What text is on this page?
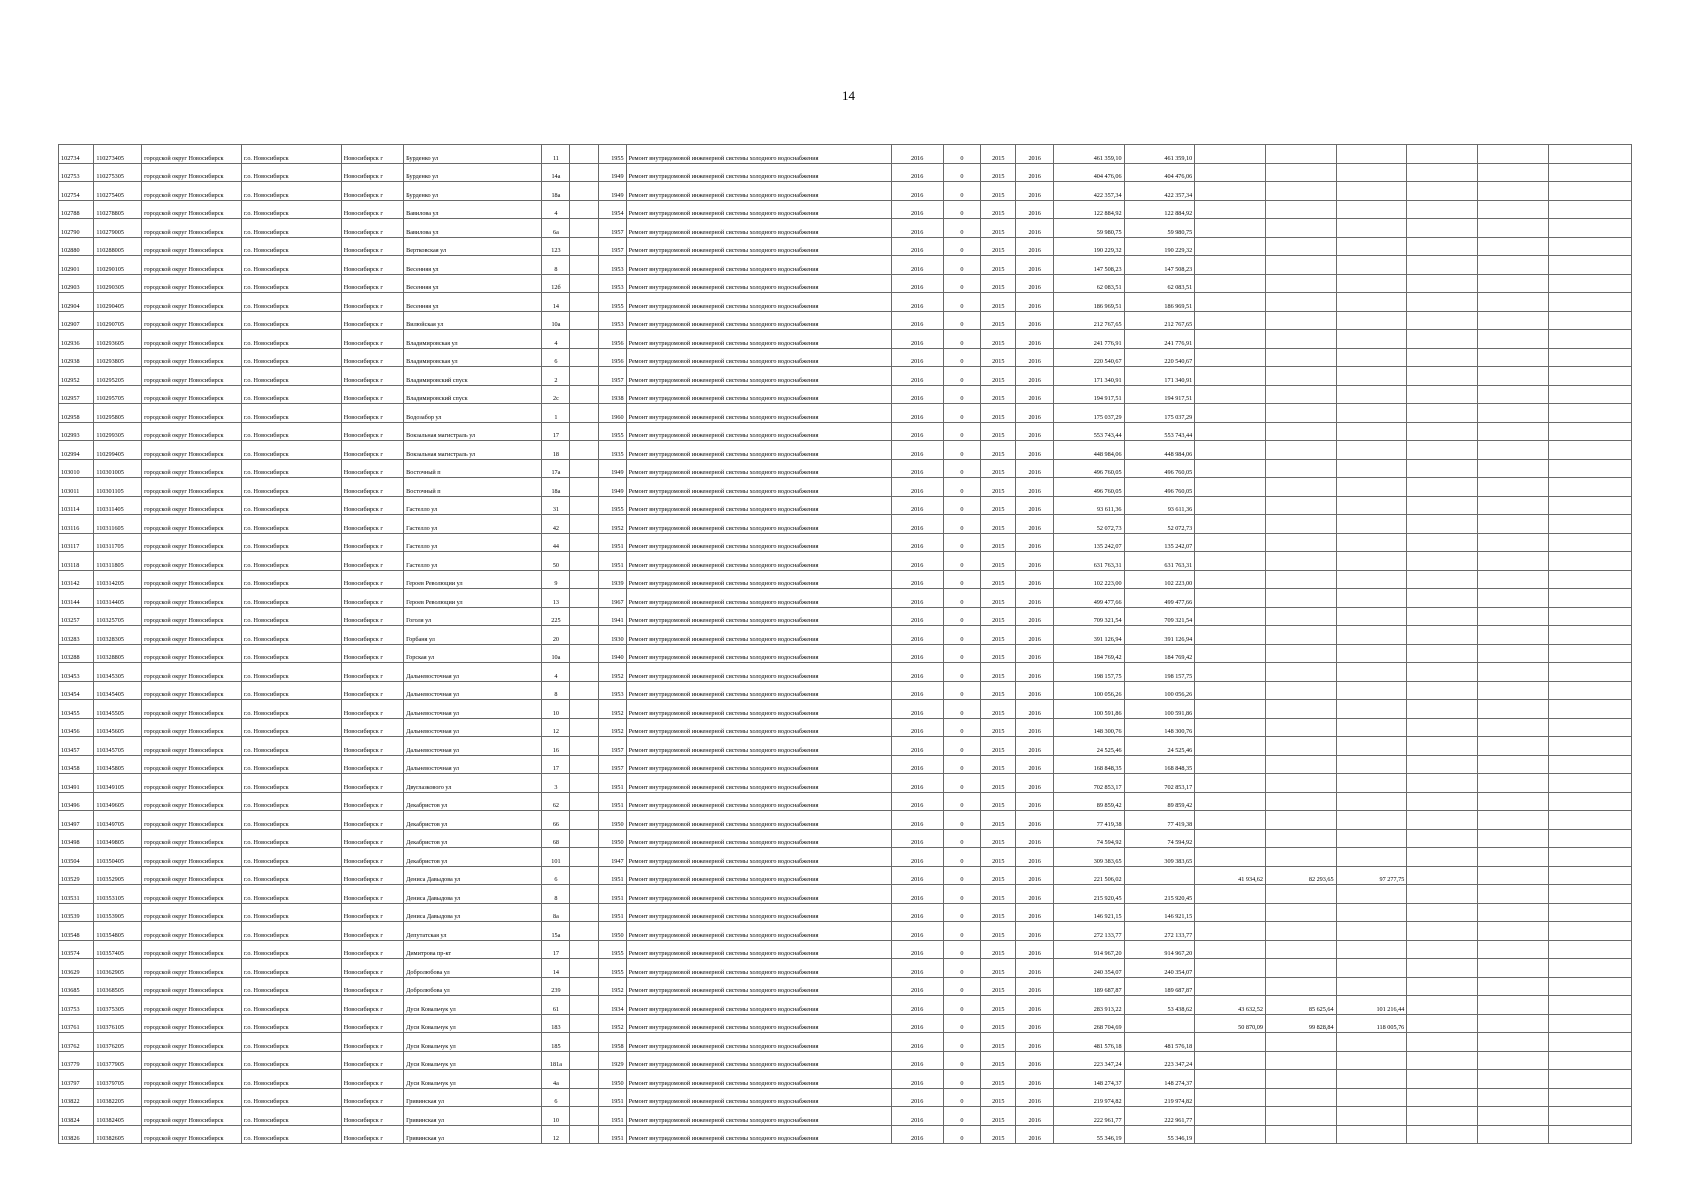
14
102734	110273405	городской округ Новосибирск	г.о. Новосибирск	Новосибирск г	Бурденко ул	11		1955	Ремонт внутридомовой инженерной системы холодного водоснабжения	2016	0	2015	2016	461 359,10	461 359,10						
102753	110275305	городской округ Новосибирск	г.о. Новосибирск	Новосибирск г	Бурденко ул	14а		1949	Ремонт внутридомовой инженерной системы холодного водоснабжения	2016	0	2015	2016	404 476,06	404 476,06						
102754	110275405	городской округ Новосибирск	г.о. Новосибирск	Новосибирск г	Бурденко ул	18а		1949	Ремонт внутридомовой инженерной системы холодного водоснабжения	2016	0	2015	2016	422 357,34	422 357,34						
102788	110278805	городской округ Новосибирск	г.о. Новосибирск	Новосибирск г	Вавилова ул	4		1954	Ремонт внутридомовой инженерной системы холодного водоснабжения	2016	0	2015	2016	122 884,92	122 884,92						
102790	110279005	городской округ Новосибирск	г.о. Новосибирск	Новосибирск г	Вавилова ул	6а		1957	Ремонт внутридомовой инженерной системы холодного водоснабжения	2016	0	2015	2016	59 980,75	59 980,75						
102880	110288005	городской округ Новосибирск	г.о. Новосибирск	Новосибирск г	Вертковская ул	123		1957	Ремонт внутридомовой инженерной системы холодного водоснабжения	2016	0	2015	2016	190 229,32	190 229,32						
102901	110290105	городской округ Новосибирск	г.о. Новосибирск	Новосибирск г	Весенняя ул	8		1953	Ремонт внутридомовой инженерной системы холодного водоснабжения	2016	0	2015	2016	147 508,23	147 508,23						
102903	110290305	городской округ Новосибирск	г.о. Новосибирск	Новосибирск г	Весенняя ул	12б		1953	Ремонт внутридомовой инженерной системы холодного водоснабжения	2016	0	2015	2016	62 083,51	62 083,51						
102904	110290405	городской округ Новосибирск	г.о. Новосибирск	Новосибирск г	Весенняя ул	14		1955	Ремонт внутридомовой инженерной системы холодного водоснабжения	2016	0	2015	2016	186 969,51	186 969,51						
102907	110290705	городской округ Новосибирск	г.о. Новосибирск	Новосибирск г	Вилюйская ул	10а		1953	Ремонт внутридомовой инженерной системы холодного водоснабжения	2016	0	2015	2016	212 767,65	212 767,65						
102936	110293605	городской округ Новосибирск	г.о. Новосибирск	Новосибирск г	Владимировская ул	4		1956	Ремонт внутридомовой инженерной системы холодного водоснабжения	2016	0	2015	2016	241 776,91	241 776,91						
102938	110293805	городской округ Новосибирск	г.о. Новосибирск	Новосибирск г	Владимировская ул	6		1956	Ремонт внутридомовой инженерной системы холодного водоснабжения	2016	0	2015	2016	220 540,67	220 540,67						
102952	110295205	городской округ Новосибирск	г.о. Новосибирск	Новосибирск г	Владимировский спуск	2		1957	Ремонт внутридомовой инженерной системы холодного водоснабжения	2016	0	2015	2016	171 340,91	171 340,91						
102957	110295705	городской округ Новосибирск	г.о. Новосибирск	Новосибирск г	Владимировский спуск	2с		1938	Ремонт внутридомовой инженерной системы холодного водоснабжения	2016	0	2015	2016	194 917,51	194 917,51						
102958	110295805	городской округ Новосибирск	г.о. Новосибирск	Новосибирск г	Водозабор ул	1		1960	Ремонт внутридомовой инженерной системы холодного водоснабжения	2016	0	2015	2016	175 037,29	175 037,29						
102993	110299305	городской округ Новосибирск	г.о. Новосибирск	Новосибирск г	Вокзальная магистраль ул	17		1955	Ремонт внутридомовой инженерной системы холодного водоснабжения	2016	0	2015	2016	553 743,44	553 743,44						
102994	110299405	городской округ Новосибирск	г.о. Новосибирск	Новосибирск г	Вокзальная магистраль ул	18		1935	Ремонт внутридомовой инженерной системы холодного водоснабжения	2016	0	2015	2016	448 984,06	448 984,06						
103010	110301005	городской округ Новосибирск	г.о. Новосибирск	Новосибирск г	Восточный п	17а		1949	Ремонт внутридомовой инженерной системы холодного водоснабжения	2016	0	2015	2016	496 760,05	496 760,05						
103011	110301105	городской округ Новосибирск	г.о. Новосибирск	Новосибирск г	Восточный п	18а		1949	Ремонт внутридомовой инженерной системы холодного водоснабжения	2016	0	2015	2016	496 760,05	496 760,05						
103114	110311405	городской округ Новосибирск	г.о. Новосибирск	Новосибирск г	Гастелло ул	31		1955	Ремонт внутридомовой инженерной системы холодного водоснабжения	2016	0	2015	2016	93 611,36	93 611,36						
103116	110311605	городской округ Новосибирск	г.о. Новосибирск	Новосибирск г	Гастелло ул	42		1952	Ремонт внутридомовой инженерной системы холодного водоснабжения	2016	0	2015	2016	52 072,73	52 072,73						
103117	110311705	городской округ Новосибирск	г.о. Новосибирск	Новосибирск г	Гастелло ул	44		1951	Ремонт внутридомовой инженерной системы холодного водоснабжения	2016	0	2015	2016	135 242,07	135 242,07						
103118	110311805	городской округ Новосибирск	г.о. Новосибирск	Новосибирск г	Гастелло ул	50		1951	Ремонт внутридомовой инженерной системы холодного водоснабжения	2016	0	2015	2016	631 763,31	631 763,31						
103142	110314205	городской округ Новосибирск	г.о. Новосибирск	Новосибирск г	Героев Революции ул	9		1939	Ремонт внутридомовой инженерной системы холодного водоснабжения	2016	0	2015	2016	102 223,00	102 223,00						
103144	110314405	городской округ Новосибирск	г.о. Новосибирск	Новосибирск г	Героев Революции ул	13		1967	Ремонт внутридомовой инженерной системы холодного водоснабжения	2016	0	2015	2016	499 477,66	499 477,66						
103257	110325705	городской округ Новосибирск	г.о. Новосибирск	Новосибирск г	Гоголя ул	225		1941	Ремонт внутридомовой инженерной системы холодного водоснабжения	2016	0	2015	2016	709 321,54	709 321,54						
103283	110328305	городской округ Новосибирск	г.о. Новосибирск	Новосибирск г	Горбаня ул	20		1930	Ремонт внутридомовой инженерной системы холодного водоснабжения	2016	0	2015	2016	391 126,94	391 126,94						
103288	110328805	городской округ Новосибирск	г.о. Новосибирск	Новосибирск г	Горская ул	10а		1940	Ремонт внутридомовой инженерной системы холодного водоснабжения	2016	0	2015	2016	184 769,42	184 769,42						
103453	110345305	городской округ Новосибирск	г.о. Новосибирск	Новосибирск г	Дальневосточная ул	4		1952	Ремонт внутридомовой инженерной системы холодного водоснабжения	2016	0	2015	2016	198 157,75	198 157,75						
103454	110345405	городской округ Новосибирск	г.о. Новосибирск	Новосибирск г	Дальневосточная ул	8		1953	Ремонт внутридомовой инженерной системы холодного водоснабжения	2016	0	2015	2016	100 056,26	100 056,26						
103455	110345505	городской округ Новосибирск	г.о. Новосибирск	Новосибирск г	Дальневосточная ул	10		1952	Ремонт внутридомовой инженерной системы холодного водоснабжения	2016	0	2015	2016	100 591,86	100 591,86						
103456	110345605	городской округ Новосибирск	г.о. Новосибирск	Новосибирск г	Дальневосточная ул	12		1952	Ремонт внутридомовой инженерной системы холодного водоснабжения	2016	0	2015	2016	148 300,76	148 300,76						
103457	110345705	городской округ Новосибирск	г.о. Новосибирск	Новосибирск г	Дальневосточная ул	16		1957	Ремонт внутридомовой инженерной системы холодного водоснабжения	2016	0	2015	2016	24 525,46	24 525,46						
103458	110345805	городской округ Новосибирск	г.о. Новосибирск	Новосибирск г	Дальневосточная ул	17		1957	Ремонт внутридомовой инженерной системы холодного водоснабжения	2016	0	2015	2016	168 848,35	168 848,35						
103491	110349105	городской округ Новосибирск	г.о. Новосибирск	Новосибирск г	Двуглазкового ул	3		1951	Ремонт внутридомовой инженерной системы холодного водоснабжения	2016	0	2015	2016	702 853,17	702 853,17						
103496	110349605	городской округ Новосибирск	г.о. Новосибирск	Новосибирск г	Декабристов ул	62		1951	Ремонт внутридомовой инженерной системы холодного водоснабжения	2016	0	2015	2016	89 859,42	89 859,42						
103497	110349705	городской округ Новосибирск	г.о. Новосибирск	Новосибирск г	Декабристов ул	66		1950	Ремонт внутридомовой инженерной системы холодного водоснабжения	2016	0	2015	2016	77 419,38	77 419,38						
103498	110349805	городской округ Новосибирск	г.о. Новосибирск	Новосибирск г	Декабристов ул	68		1950	Ремонт внутридомовой инженерной системы холодного водоснабжения	2016	0	2015	2016	74 594,92	74 594,92						
103504	110350405	городской округ Новосибирск	г.о. Новосибирск	Новосибирск г	Декабристов ул	101		1947	Ремонт внутридомовой инженерной системы холодного водоснабжения	2016	0	2015	2016	309 383,65	309 383,65						
103529	110352905	городской округ Новосибирск	г.о. Новосибирск	Новосибирск г	Дениса Давыдова ул	6		1951	Ремонт внутридомовой инженерной системы холодного водоснабжения	2016	0	2015	2016	221 506,02		41 934,62	82 293,65	97 277,75			
103531	110353105	городской округ Новосибирск	г.о. Новосибирск	Новосибирск г	Дениса Давыдова ул	8		1951	Ремонт внутридомовой инженерной системы холодного водоснабжения	2016	0	2015	2016	215 920,45	215 920,45						
103539	110353905	городской округ Новосибирск	г.о. Новосибирск	Новосибирск г	Дениса Давыдова ул	8а		1951	Ремонт внутридомовой инженерной системы холодного водоснабжения	2016	0	2015	2016	146 921,15	146 921,15						
103548	110354805	городской округ Новосибирск	г.о. Новосибирск	Новосибирск г	Депутатская ул	15а		1950	Ремонт внутридомовой инженерной системы холодного водоснабжения	2016	0	2015	2016	272 133,77	272 133,77						
103574	110357405	городской округ Новосибирск	г.о. Новосибирск	Новосибирск г	Димитрова пр-кт	17		1955	Ремонт внутридомовой инженерной системы холодного водоснабжения	2016	0	2015	2016	914 967,20	914 967,20						
103629	110362905	городской округ Новосибирск	г.о. Новосибирск	Новосибирск г	Добролюбова ул	14		1955	Ремонт внутридомовой инженерной системы холодного водоснабжения	2016	0	2015	2016	240 354,07	240 354,07						
103685	110368505	городской округ Новосибирск	г.о. Новосибирск	Новосибирск г	Добролюбова ул	239		1952	Ремонт внутридомовой инженерной системы холодного водоснабжения	2016	0	2015	2016	189 687,87	189 687,87						
103753	110375305	городской округ Новосибирск	г.о. Новосибирск	Новосибирск г	Дуси Ковальчук ул	61		1934	Ремонт внутридомовой инженерной системы холодного водоснабжения	2016	0	2015	2016	283 913,22	53 438,62	43 632,52	85 625,64	101 216,44			
103761	110376105	городской округ Новосибирск	г.о. Новосибирск	Новосибирск г	Дуси Ковальчук ул	183		1952	Ремонт внутридомовой инженерной системы холодного водоснабжения	2016	0	2015	2016	268 704,69		50 870,09	99 828,84	118 005,76			
103762	110376205	городской округ Новосибирск	г.о. Новосибирск	Новосибирск г	Дуси Ковальчук ул	185		1958	Ремонт внутридомовой инженерной системы холодного водоснабжения	2016	0	2015	2016	481 576,18	481 576,18						
103779	110377905	городской округ Новосибирск	г.о. Новосибирск	Новосибирск г	Дуси Ковальчук ул	181а		1929	Ремонт внутридомовой инженерной системы холодного водоснабжения	2016	0	2015	2016	223 347,24	223 347,24						
103797	110379705	городской округ Новосибирск	г.о. Новосибирск	Новосибирск г	Дуси Ковальчук ул	4а		1950	Ремонт внутридомовой инженерной системы холодного водоснабжения	2016	0	2015	2016	148 274,37	148 274,37						
103822	110382205	городской округ Новосибирск	г.о. Новосибирск	Новосибирск г	Гривинская ул	6		1951	Ремонт внутридомовой инженерной системы холодного водоснабжения	2016	0	2015	2016	219 974,82	219 974,82						
103824	110382405	городской округ Новосибирск	г.о. Новосибирск	Новосибирск г	Гривинская ул	10		1951	Ремонт внутридомовой инженерной системы холодного водоснабжения	2016	0	2015	2016	222 961,77	222 961,77						
103826	110382605	городской округ Новосибирск	г.о. Новосибирск	Новосибирск г	Гривинская ул	12		1951	Ремонт внутридомовой инженерной системы холодного водоснабжения	2016	0	2015	2016	55 346,19	55 346,19						
